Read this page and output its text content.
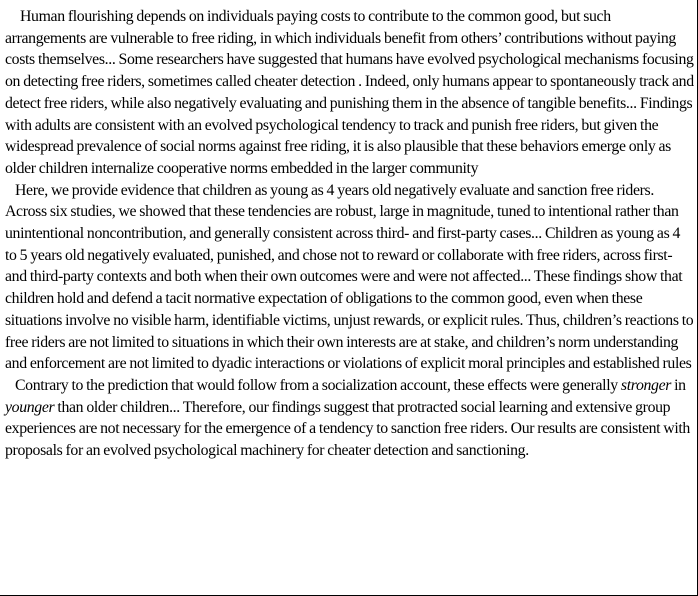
Human flourishing depends on individuals paying costs to contribute to the common good, but such arrangements are vulnerable to free riding, in which individuals benefit from others’ contributions without paying costs themselves... Some researchers have suggested that humans have evolved psychological mechanisms focusing on detecting free riders, sometimes called cheater detection . Indeed, only humans appear to spontaneously track and detect free riders, while also negatively evaluating and punishing them in the absence of tangible benefits... Findings with adults are consistent with an evolved psychological tendency to track and punish free riders, but given the widespread prevalence of social norms against free riding, it is also plausible that these behaviors emerge only as older children internalize cooperative norms embedded in the larger community

Here, we provide evidence that children as young as 4 years old negatively evaluate and sanction free riders. Across six studies, we showed that these tendencies are robust, large in magnitude, tuned to intentional rather than unintentional noncontribution, and generally consistent across third- and first-party cases... Children as young as 4 to 5 years old negatively evaluated, punished, and chose not to reward or collaborate with free riders, across first- and third-party contexts and both when their own outcomes were and were not affected... These findings show that children hold and defend a tacit normative expectation of obligations to the common good, even when these situations involve no visible harm, identifiable victims, unjust rewards, or explicit rules. Thus, children’s reactions to free riders are not limited to situations in which their own interests are at stake, and children’s norm understanding and enforcement are not limited to dyadic interactions or violations of explicit moral principles and established rules

Contrary to the prediction that would follow from a socialization account, these effects were generally stronger in younger than older children... Therefore, our findings suggest that protracted social learning and extensive group experiences are not necessary for the emergence of a tendency to sanction free riders. Our results are consistent with proposals for an evolved psychological machinery for cheater detection and sanctioning.
